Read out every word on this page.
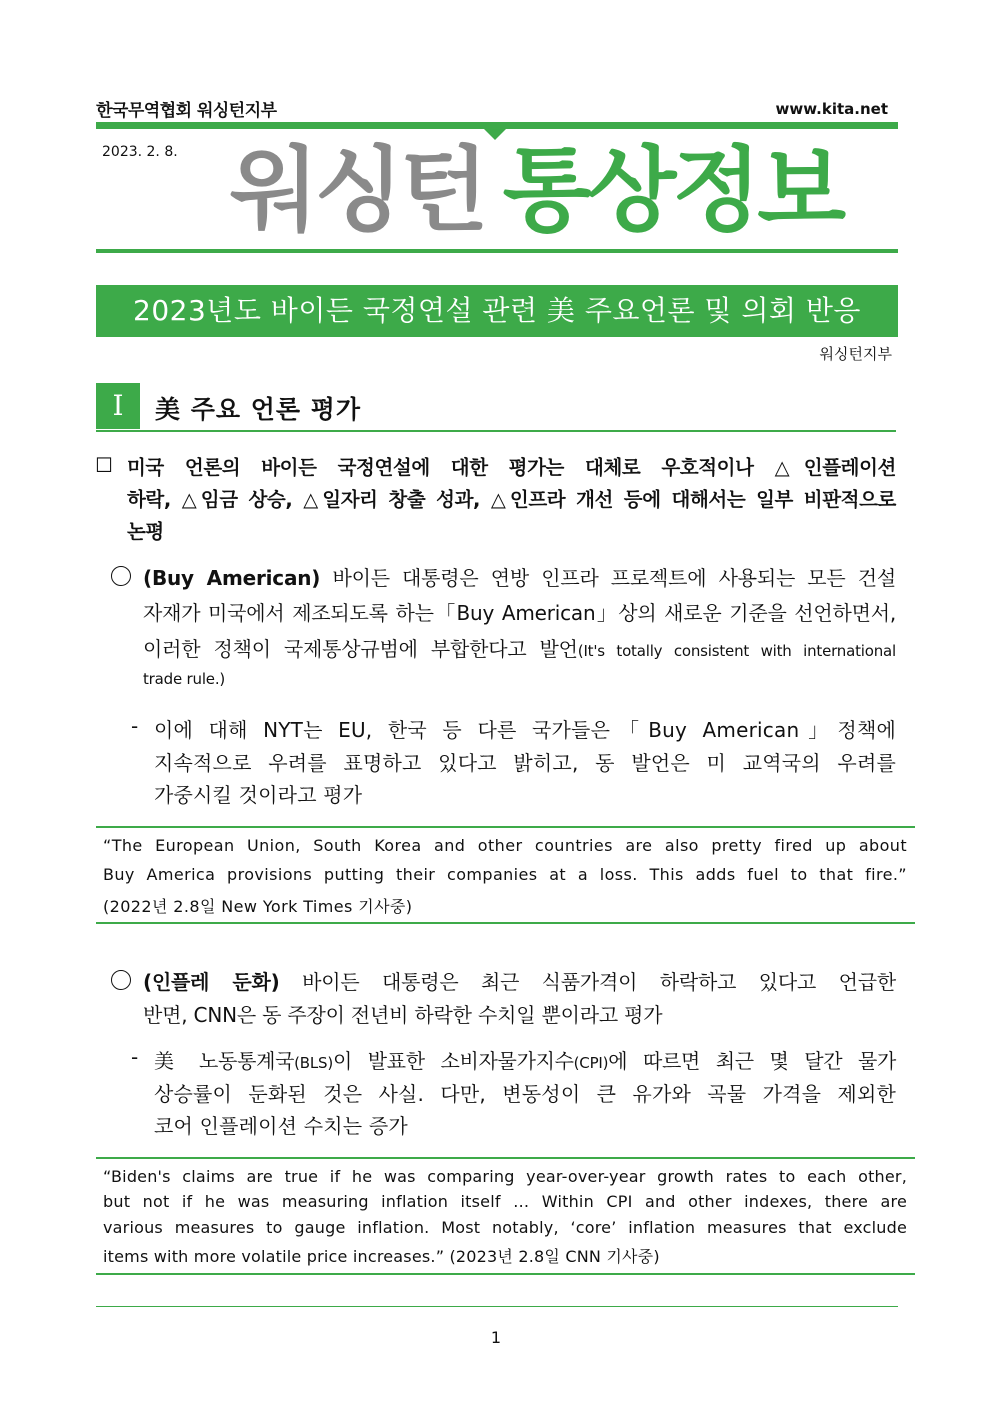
한국무역협회 워싱턴지부	www.kita.net
2023. 2. 8. 워싱턴 통상정보
2023년도 바이든 국정연설 관련 美 주요언론 및 의회 반응
워싱턴지부
Ⅰ	美 주요 언론 평가
☐ 미국 언론의 바이든 국정연설에 대한 평가는 대체로 우호적이나 △인플레이션
하락, △임금 상승, △일자리 창출 성과, △인프라 개선 등에 대해서는 일부 비판적으로
논평
(Buy American) 바이든 대통령은 연방 인프라 프로젝트에 사용되는 모든 건설
자재가 미국에서 제조되도록 하는「Buy American」상의 새로운 기준을 선언하면서,
이러한 정책이 국제통상규범에 부합한다고 발언(It's totally consistent with international
trade rule.)
- 이에 대해 NYT는 EU, 한국 등 다른 국가들은「Buy American」정책에
지속적으로 우려를 표명하고 있다고 밝히고, 동 발언은 미 교역국의 우려를
가중시킬 것이라고 평가
“The European Union, South Korea and other countries are also pretty fired up about
Buy America provisions putting their companies at a loss. This adds fuel to that fire.”
(2022년 2.8일 New York Times 기사중)
(인플레 둔화) 바이든 대통령은 최근 식품가격이 하락하고 있다고 언급한
반면, CNN은 동 주장이 전년비 하락한 수치일 뿐이라고 평가
- 美 노동통계국(BLS)이 발표한 소비자물가지수(CPI)에 따르면 최근 몇 달간 물가
상승률이 둔화된 것은 사실. 다만, 변동성이 큰 유가와 곡물 가격을 제외한
코어 인플레이션 수치는 증가
“Biden's claims are true if he was comparing year-over-year growth rates to each other,
but not if he was measuring inflation itself … Within CPI and other indexes, there are
various measures to gauge inflation. Most notably, ‘core’ inflation measures that exclude
items with more volatile price increases.” (2023년 2.8일 CNN 기사중)
1
